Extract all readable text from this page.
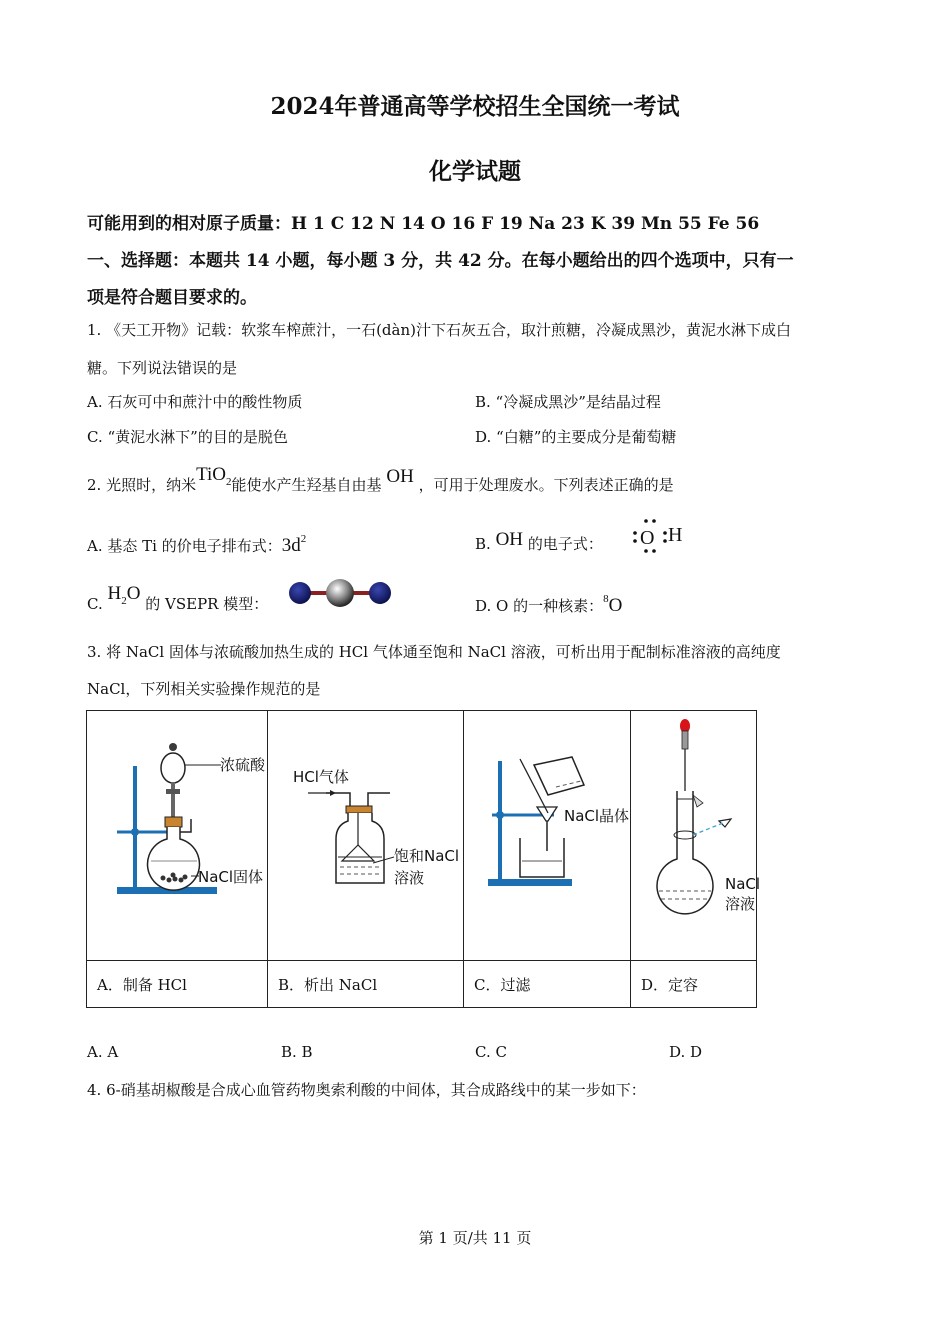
2024年普通高等学校招生全国统一考试
化学试题
可能用到的相对原子质量：H 1 C 12 N 14 O 16 F 19 Na 23 K 39 Mn 55 Fe 56
一、选择题：本题共 14 小题，每小题 3 分，共 42 分。在每小题给出的四个选项中，只有一
项是符合题目要求的。
1. 《天工开物》记载：软浆车榨蔗汁，一石(dàn)汁下石灰五合，取汁煎糖，冷凝成黑沙，黄泥水淋下成白
糖。下列说法错误的是
A. 石灰可中和蔗汁中的酸性物质	B. “冷凝成黑沙”是结晶过程
C. “黄泥水淋下”的目的是脱色	D. “白糖”的主要成分是葡萄糖
2. 光照时，纳米TiO$_2$能使水产生羟基自由基 OH ，可用于处理废水。下列表述正确的是
A. 基态 Ti 的价电子排布式：$3d^2$	B. OH 的电子式： O H
C. $H_2O$ 的 VSEPR 模型：	D. O 的一种核素：$^8$O
3. 将 NaCl 固体与浓硫酸加热生成的 HCl 气体通至饱和 NaCl 溶液，可析出用于配制标准溶液的高纯度
NaCl，下列相关实验操作规范的是
浓硫酸
NaCl固体	HCl气体
饱和NaCl
溶液	NaCl晶体	NaCl
溶液

A．制备 HCl	B．析出 NaCl	C．过滤	D．定容
A. A	B. B	C. C	D. D
4. 6-硝基胡椒酸是合成心血管药物奥索利酸的中间体，其合成路线中的某一步如下：
第 1 页/共 11 页
